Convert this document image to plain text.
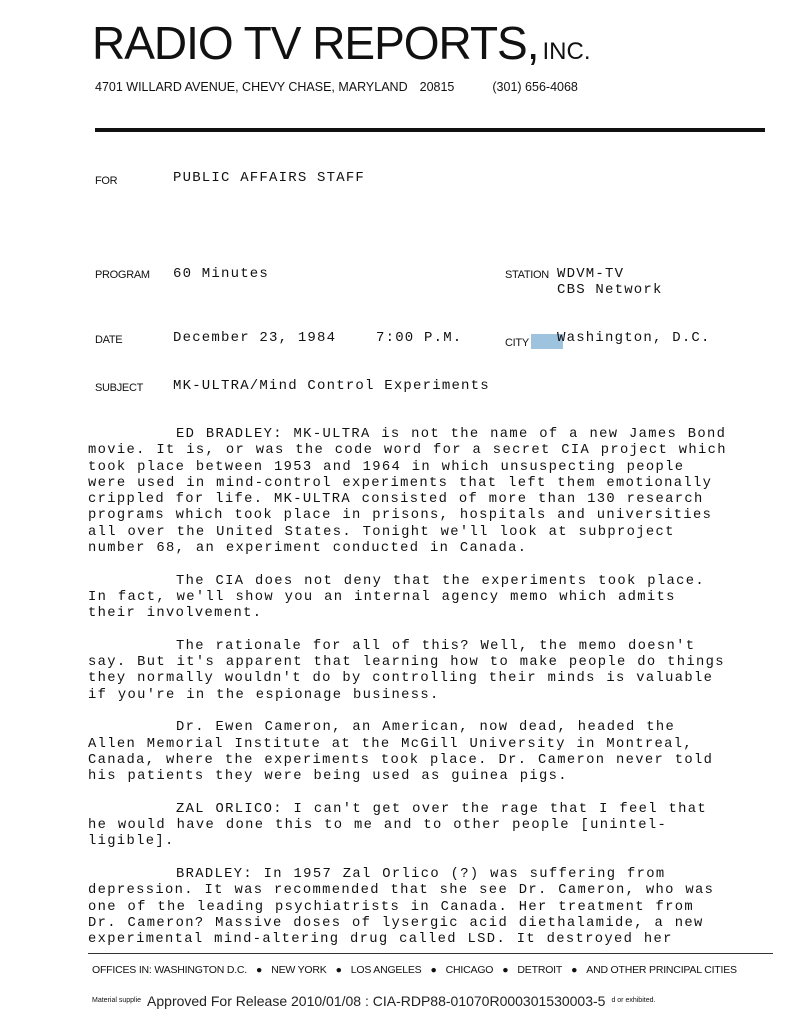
RADIO TV REPORTS, INC.
4701 WILLARD AVENUE, CHEVY CHASE, MARYLAND 20815	(301) 656-4068
FOR	PUBLIC AFFAIRS STAFF
PROGRAM 60 Minutes	STATION WDVM-TV
CBS Network
DATE	December 23, 1984	7:00 P.M.	CITY	Washington, D.C.
SUBJECT MK-ULTRA/Mind Control Experiments

ED BRADLEY: MK-ULTRA is not the name of a new James Bond movie. It is, or was the code word for a secret CIA project which took place between 1953 and 1964 in which unsuspecting people were used in mind-control experiments that left them emotionally crippled for life. MK-ULTRA consisted of more than 130 research programs which took place in prisons, hospitals and universities all over the United States. Tonight we'll look at subproject number 68, an experiment conducted in Canada.

The CIA does not deny that the experiments took place. In fact, we'll show you an internal agency memo which admits their involvement.

The rationale for all of this? Well, the memo doesn't say. But it's apparent that learning how to make people do things they normally wouldn't do by controlling their minds is valuable if you're in the espionage business.

Dr. Ewen Cameron, an American, now dead, headed the Allen Memorial Institute at the McGill University in Montreal, Canada, where the experiments took place. Dr. Cameron never told his patients they were being used as guinea pigs.

ZAL ORLICO: I can't get over the rage that I feel that he would have done this to me and to other people [unintel-ligible].

BRADLEY: In 1957 Zal Orlico (?) was suffering from depression. It was recommended that she see Dr. Cameron, who was one of the leading psychiatrists in Canada. Her treatment from Dr. Cameron? Massive doses of lysergic acid diethalamide, a new experimental mind-altering drug called LSD. It destroyed her

OFFICES IN: WASHINGTON D.C. ● NEW YORK ● LOS ANGELES ● CHICAGO ● DETROIT ● AND OTHER PRINCIPAL CITIES
$^{Material supplie}$ Approved For Release 2010/01/08 : CIA-RDP88-01070R000301530003-5 $^{d or exhibited.}$
